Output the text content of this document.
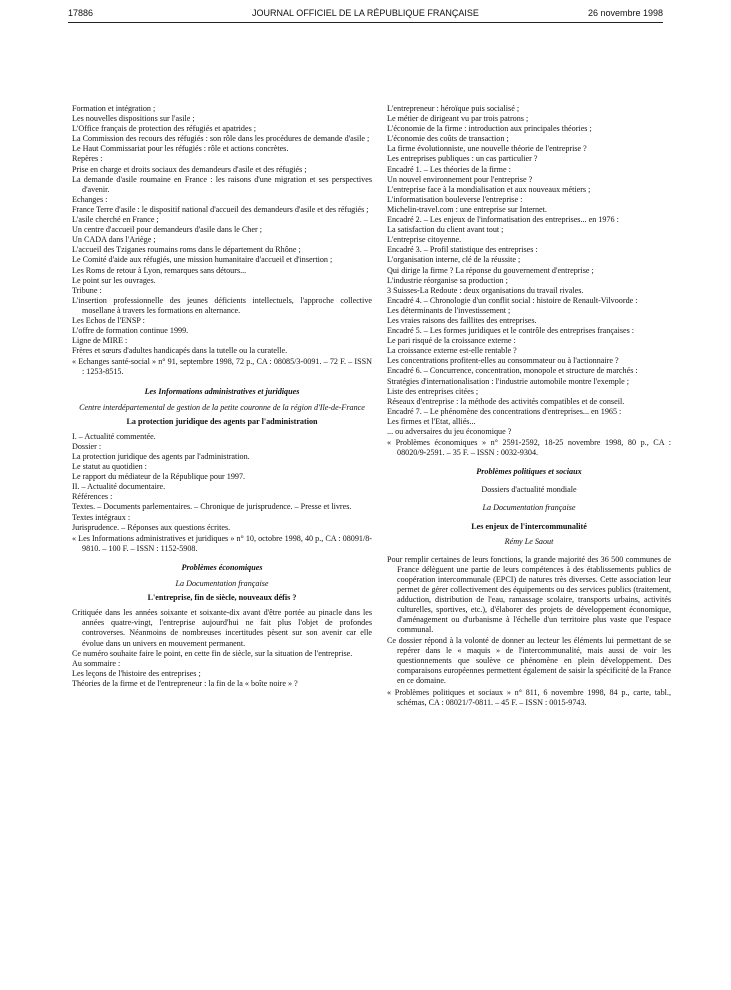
17886	JOURNAL OFFICIEL DE LA RÉPUBLIQUE FRANÇAISE	26 novembre 1998

Formation et intégration ;

Les nouvelles dispositions sur l'asile ;

L'Office français de protection des réfugiés et apatrides ;

La Commission des recours des réfugiés : son rôle dans les procédures de demande d'asile ;

Le Haut Commissariat pour les réfugiés : rôle et actions concrètes.

Repères :

Prise en charge et droits sociaux des demandeurs d'asile et des réfugiés ;

La demande d'asile roumaine en France : les raisons d'une migration et ses perspectives d'avenir.

Echanges :

France Terre d'asile : le dispositif national d'accueil des demandeurs d'asile et des réfugiés ;

L'asile cherché en France ;

Un centre d'accueil pour demandeurs d'asile dans le Cher ;

Un CADA dans l'Ariège ;

L'accueil des Tziganes roumains roms dans le département du Rhône ;

Le Comité d'aide aux réfugiés, une mission humanitaire d'accueil et d'insertion ;

Les Roms de retour à Lyon, remarques sans détours...

Le point sur les ouvrages.

Tribune :

L'insertion professionnelle des jeunes déficients intellectuels, l'approche collective mosellane à travers les formations en alternance.

Les Echos de l'ENSP :

L'offre de formation continue 1999.

Ligne de MIRE :

Frères et sœurs d'adultes handicapés dans la tutelle ou la curatelle.

« Echanges santé-social » n° 91, septembre 1998, 72 p., CA : 08085/3-0091. – 72 F. – ISSN : 1253-8515.

Les Informations administratives et juridiques
Centre interdépartemental de gestion de la petite couronne de la région d'Ile-de-France
La protection juridique des agents par l'administration

I. – Actualité commentée.

Dossier :

La protection juridique des agents par l'administration.

Le statut au quotidien :

Le rapport du médiateur de la République pour 1997.

II. – Actualité documentaire.

Références :

Textes. – Documents parlementaires. – Chronique de jurisprudence. – Presse et livres.

Textes intégraux :

Jurisprudence. – Réponses aux questions écrites.

« Les Informations administratives et juridiques » n° 10, octobre 1998, 40 p., CA : 08091/8-9810. – 100 F. – ISSN : 1152-5908.

Problèmes économiques
La Documentation française
L'entreprise, fin de siècle, nouveaux défis ?

Critiquée dans les années soixante et soixante-dix avant d'être portée au pinacle dans les années quatre-vingt, l'entreprise aujourd'hui ne fait plus l'objet de profondes controverses. Néanmoins de nombreuses incertitudes pèsent sur son avenir car elle évolue dans un univers en mouvement permanent.

Ce numéro souhaite faire le point, en cette fin de siècle, sur la situation de l'entreprise.

Au sommaire :

Les leçons de l'histoire des entreprises ;

Théories de la firme et de l'entrepreneur : la fin de la « boîte noire » ?

L'entrepreneur : héroïque puis socialisé ;

Le métier de dirigeant vu par trois patrons ;

L'économie de la firme : introduction aux principales théories ;

L'économie des coûts de transaction ;

La firme évolutionniste, une nouvelle théorie de l'entreprise ?

Les entreprises publiques : un cas particulier ?

Encadré 1. – Les théories de la firme :

Un nouvel environnement pour l'entreprise ?

L'entreprise face à la mondialisation et aux nouveaux métiers ;

L'informatisation bouleverse l'entreprise :

Michelin-travel.com : une entreprise sur Internet.

Encadré 2. – Les enjeux de l'informatisation des entreprises... en 1976 :

La satisfaction du client avant tout ;

L'entreprise citoyenne.

Encadré 3. – Profil statistique des entreprises :

L'organisation interne, clé de la réussite ;

Qui dirige la firme ? La réponse du gouvernement d'entreprise ;

L'industrie réorganise sa production ;

3 Suisses-La Redoute : deux organisations du travail rivales.

Encadré 4. – Chronologie d'un conflit social : histoire de Renault-Vilvoorde :

Les déterminants de l'investissement ;

Les vraies raisons des faillites des entreprises.

Encadré 5. – Les formes juridiques et le contrôle des entreprises françaises :

Le pari risqué de la croissance externe :

La croissance externe est-elle rentable ?

Les concentrations profitent-elles au consommateur ou à l'actionnaire ?

Encadré 6. – Concurrence, concentration, monopole et structure de marchés :

Stratégies d'internationalisation : l'industrie automobile montre l'exemple ;

Liste des entreprises citées ;

Réseaux d'entreprise : la méthode des activités compatibles et de conseil.

Encadré 7. – Le phénomène des concentrations d'entreprises... en 1965 :

Les firmes et l'Etat, alliés...

... ou adversaires du jeu économique ?

« Problèmes économiques » n° 2591-2592, 18-25 novembre 1998, 80 p., CA : 08020/9-2591. – 35 F. – ISSN : 0032-9304.

Problèmes politiques et sociaux
Dossiers d'actualité mondiale
La Documentation française
Les enjeux de l'intercommunalité
Rémy Le Saout

Pour remplir certaines de leurs fonctions, la grande majorité des 36 500 communes de France délèguent une partie de leurs compétences à des établissements publics de coopération intercommunale (EPCI) de natures très diverses. Cette association leur permet de gérer collectivement des équipements ou des services publics (traitement, adduction, distribution de l'eau, ramassage scolaire, transports urbains, activités culturelles, sportives, etc.), d'élaborer des projets de développement économique, d'aménagement ou d'urbanisme à l'échelle d'un territoire plus vaste que l'espace communal.

Ce dossier répond à la volonté de donner au lecteur les éléments lui permettant de se repérer dans le « maquis » de l'intercommunalité, mais aussi de voir les questionnements que soulève ce phénomène en plein développement. Des comparaisons européennes permettent également de saisir la spécificité de la France en ce domaine.

« Problèmes politiques et sociaux » n° 811, 6 novembre 1998, 84 p., carte, tabl., schémas, CA : 08021/7-0811. – 45 F. – ISSN : 0015-9743.
